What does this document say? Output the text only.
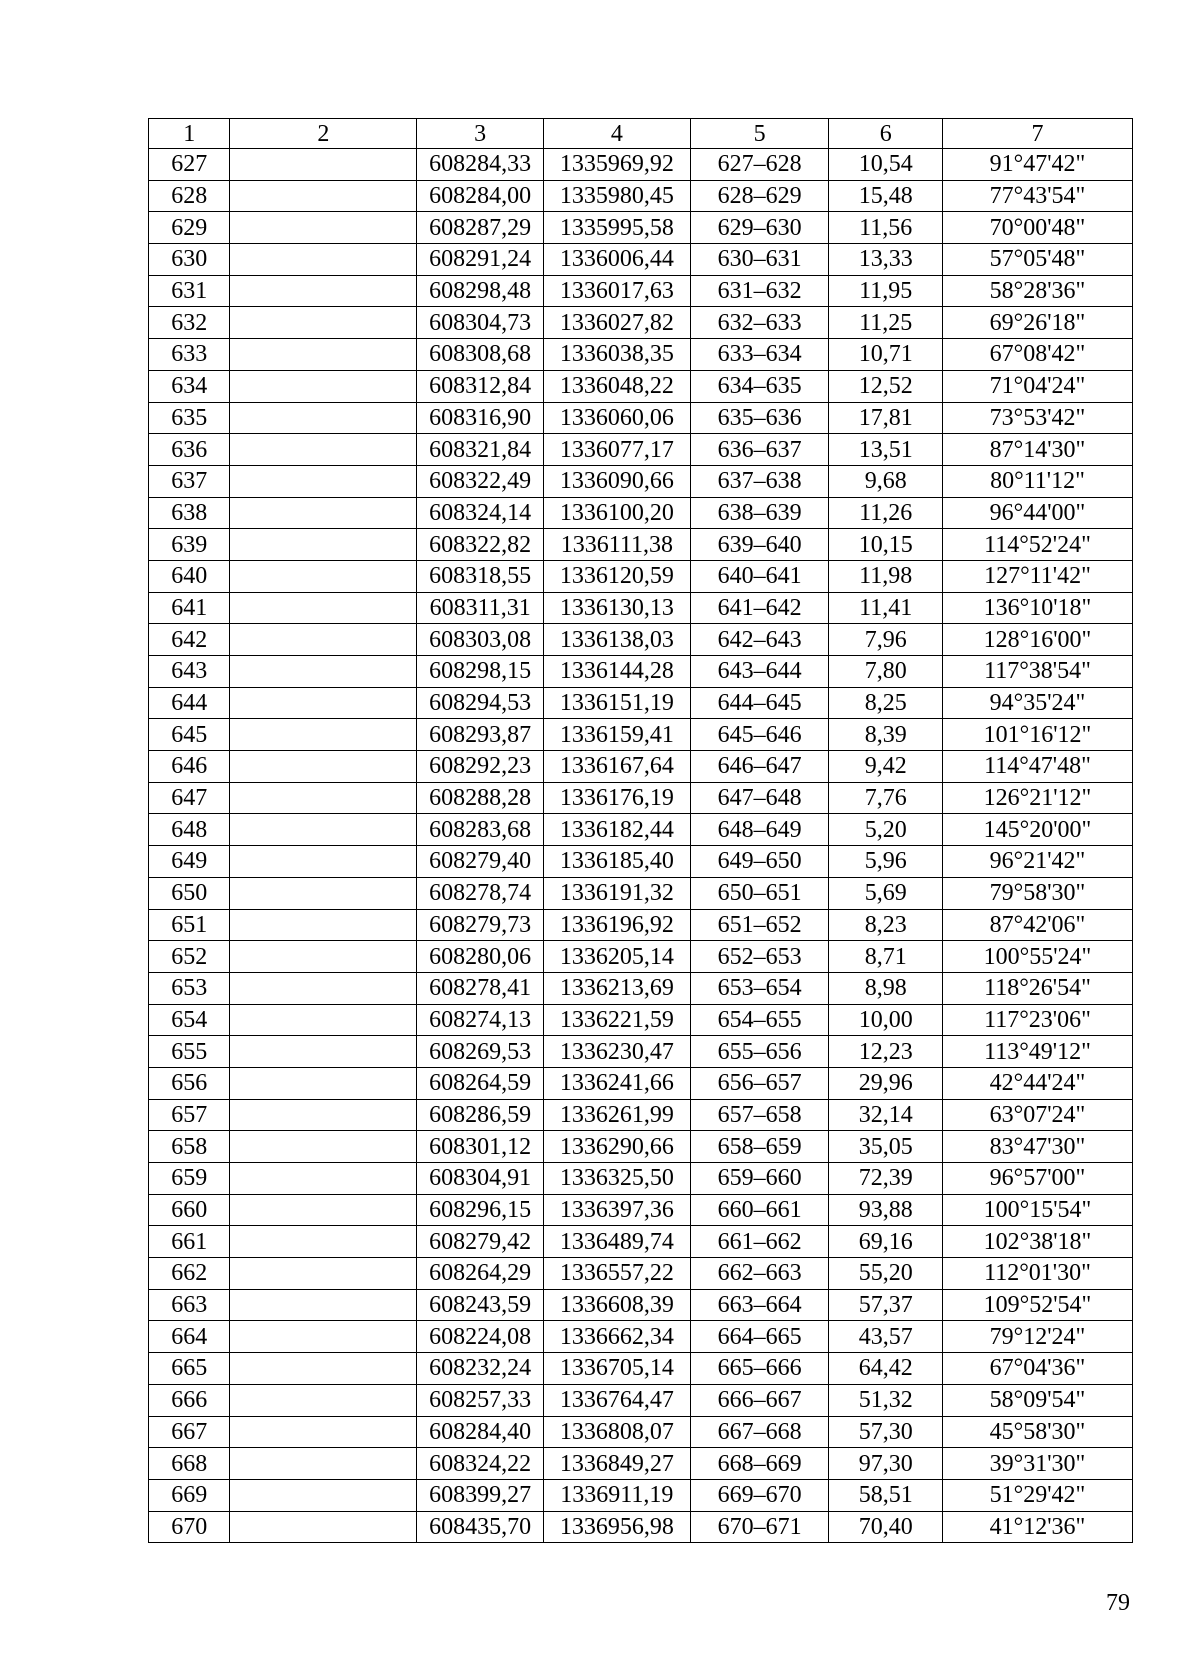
1	2	3	4	5	6	7
627		608284,33	1335969,92	627–628	10,54	91°47'42"
628		608284,00	1335980,45	628–629	15,48	77°43'54"
629		608287,29	1335995,58	629–630	11,56	70°00'48"
630		608291,24	1336006,44	630–631	13,33	57°05'48"
631		608298,48	1336017,63	631–632	11,95	58°28'36"
632		608304,73	1336027,82	632–633	11,25	69°26'18"
633		608308,68	1336038,35	633–634	10,71	67°08'42"
634		608312,84	1336048,22	634–635	12,52	71°04'24"
635		608316,90	1336060,06	635–636	17,81	73°53'42"
636		608321,84	1336077,17	636–637	13,51	87°14'30"
637		608322,49	1336090,66	637–638	9,68	80°11'12"
638		608324,14	1336100,20	638–639	11,26	96°44'00"
639		608322,82	1336111,38	639–640	10,15	114°52'24"
640		608318,55	1336120,59	640–641	11,98	127°11'42"
641		608311,31	1336130,13	641–642	11,41	136°10'18"
642		608303,08	1336138,03	642–643	7,96	128°16'00"
643		608298,15	1336144,28	643–644	7,80	117°38'54"
644		608294,53	1336151,19	644–645	8,25	94°35'24"
645		608293,87	1336159,41	645–646	8,39	101°16'12"
646		608292,23	1336167,64	646–647	9,42	114°47'48"
647		608288,28	1336176,19	647–648	7,76	126°21'12"
648		608283,68	1336182,44	648–649	5,20	145°20'00"
649		608279,40	1336185,40	649–650	5,96	96°21'42"
650		608278,74	1336191,32	650–651	5,69	79°58'30"
651		608279,73	1336196,92	651–652	8,23	87°42'06"
652		608280,06	1336205,14	652–653	8,71	100°55'24"
653		608278,41	1336213,69	653–654	8,98	118°26'54"
654		608274,13	1336221,59	654–655	10,00	117°23'06"
655		608269,53	1336230,47	655–656	12,23	113°49'12"
656		608264,59	1336241,66	656–657	29,96	42°44'24"
657		608286,59	1336261,99	657–658	32,14	63°07'24"
658		608301,12	1336290,66	658–659	35,05	83°47'30"
659		608304,91	1336325,50	659–660	72,39	96°57'00"
660		608296,15	1336397,36	660–661	93,88	100°15'54"
661		608279,42	1336489,74	661–662	69,16	102°38'18"
662		608264,29	1336557,22	662–663	55,20	112°01'30"
663		608243,59	1336608,39	663–664	57,37	109°52'54"
664		608224,08	1336662,34	664–665	43,57	79°12'24"
665		608232,24	1336705,14	665–666	64,42	67°04'36"
666		608257,33	1336764,47	666–667	51,32	58°09'54"
667		608284,40	1336808,07	667–668	57,30	45°58'30"
668		608324,22	1336849,27	668–669	97,30	39°31'30"
669		608399,27	1336911,19	669–670	58,51	51°29'42"
670		608435,70	1336956,98	670–671	70,40	41°12'36"
79
